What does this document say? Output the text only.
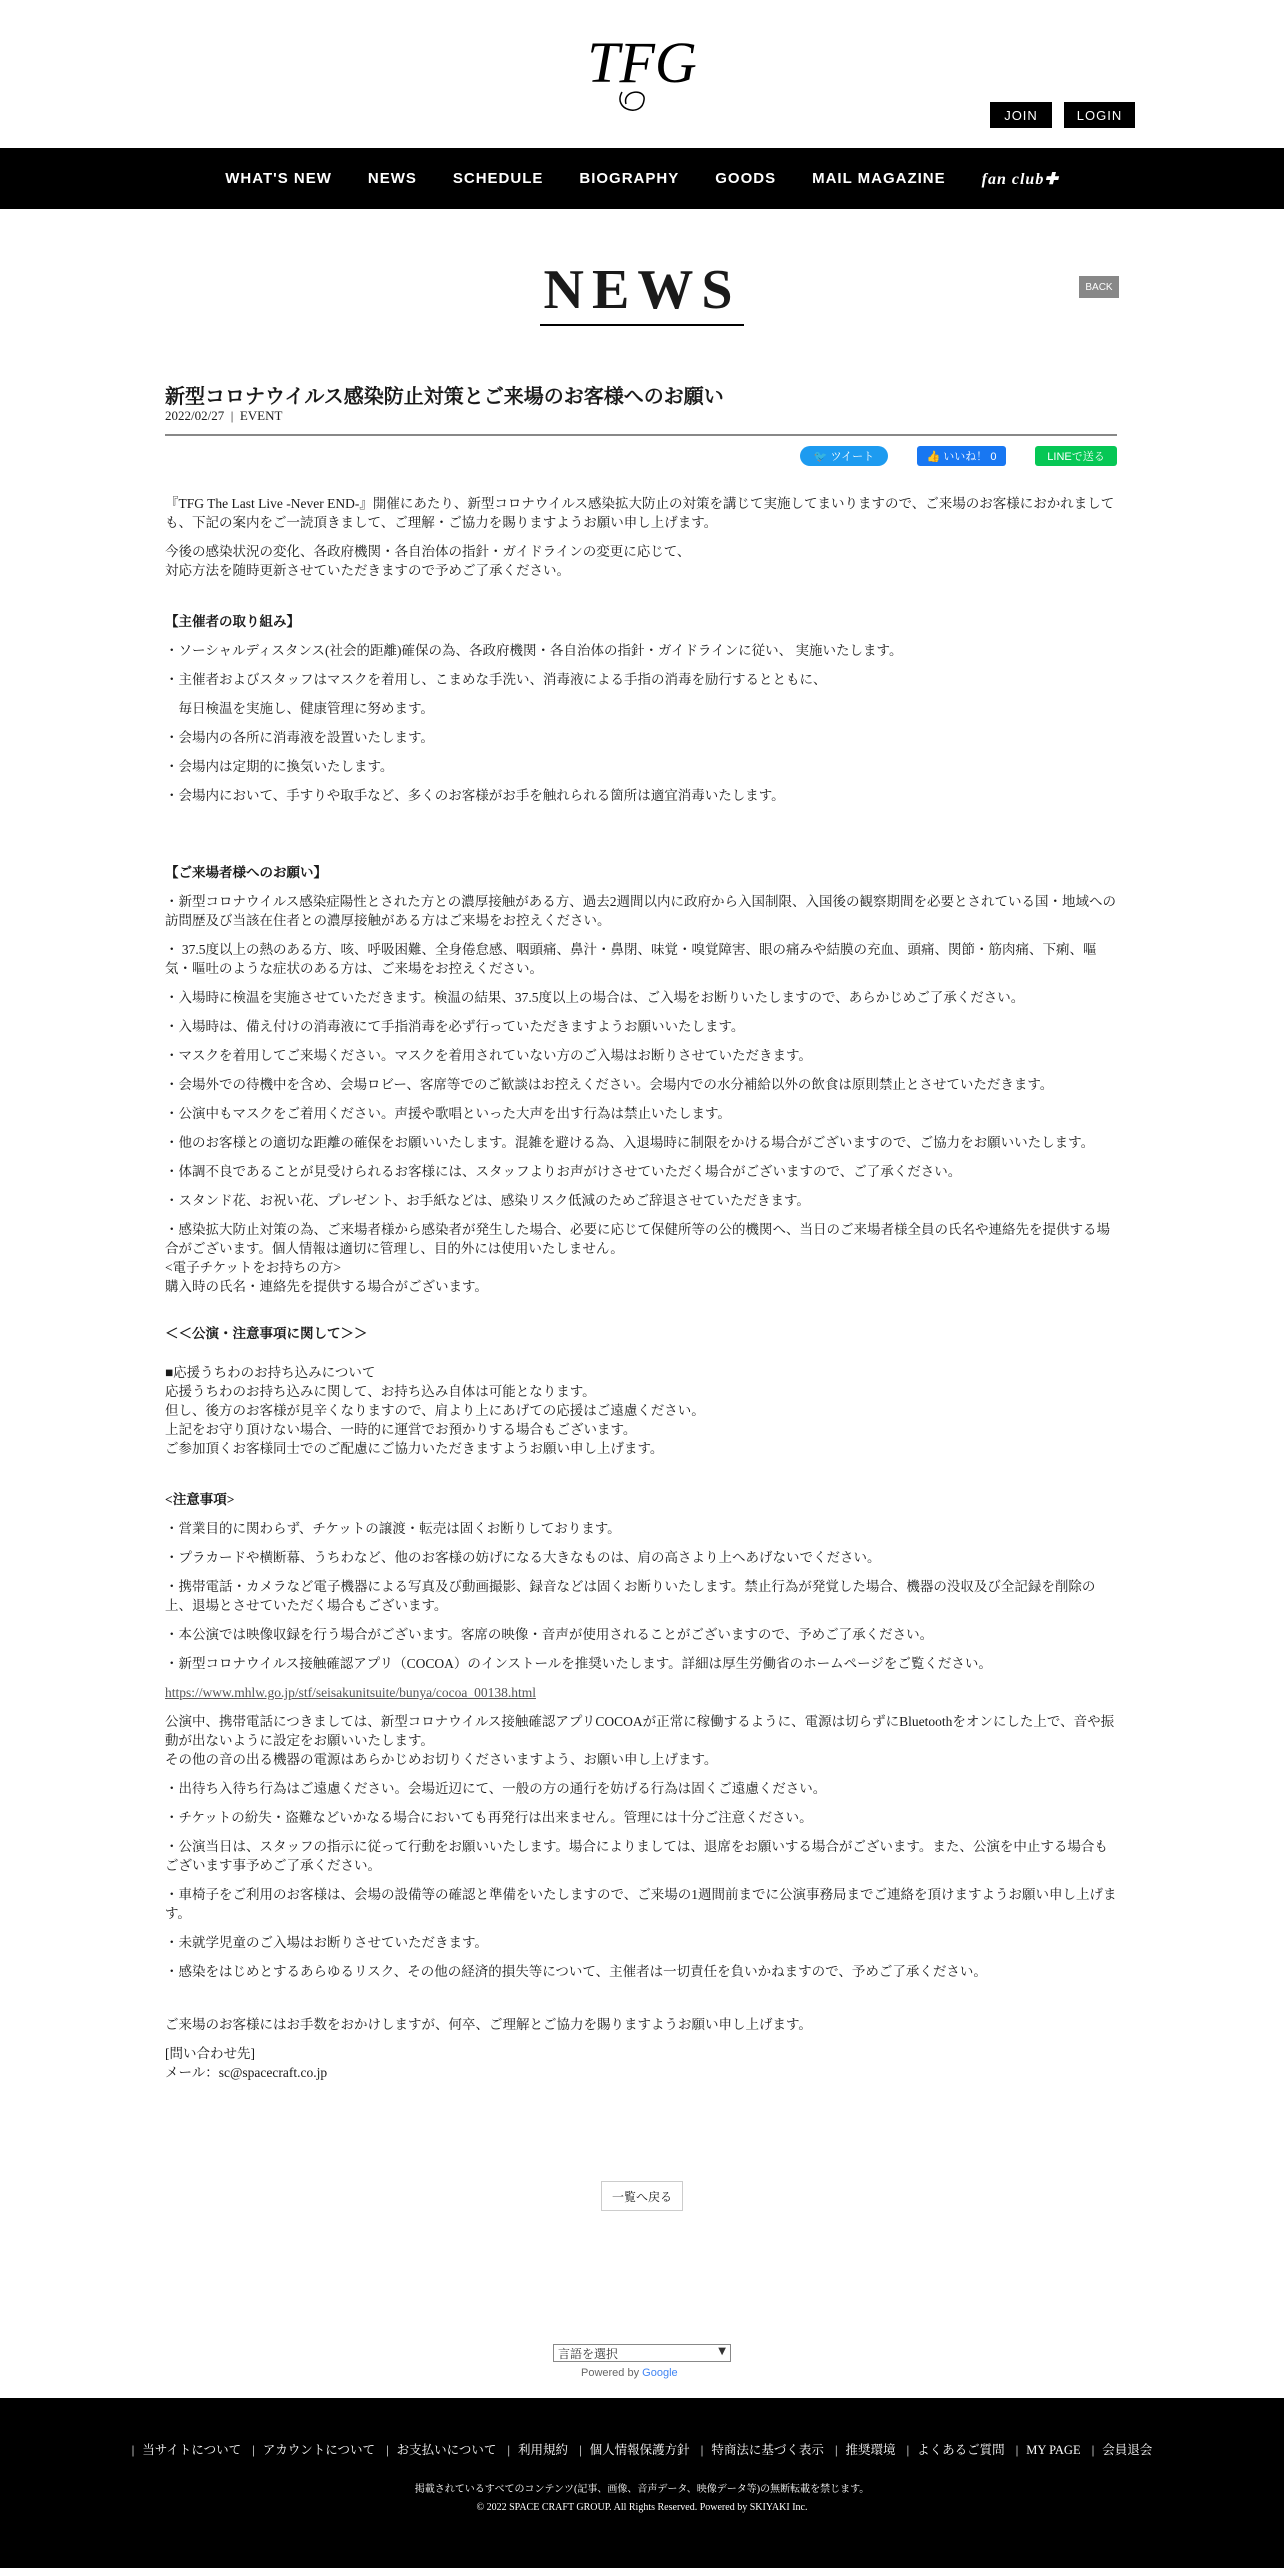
TFG
JOIN	LOGIN
WHAT'S NEW NEWS SCHEDULE BIOGRAPHY GOODS MAIL MAGAZINE fan club✚
NEWS	BACK
新型コロナウイルス感染防止対策とご来場のお客様へのお願い
2022/02/27  |  EVENT
🐦 ツイート	👍 いいね！ 0	LINEで送る

『TFG The Last Live -Never END-』開催にあたり、新型コロナウイルス感染拡大防止の対策を講じて実施してまいりますので、ご来場のお客様におかれましても、下記の案内をご一読頂きまして、ご理解・ご協力を賜りますようお願い申し上げます。

今後の感染状況の変化、各政府機関・各自治体の指針・ガイドラインの変更に応じて、

対応方法を随時更新させていただきますので予めご了承ください。

【主催者の取り組み】

・ソーシャルディスタンス(社会的距離)確保の為、各政府機関・各自治体の指針・ガイドラインに従い、 実施いたします。

・主催者およびスタッフはマスクを着用し、こまめな手洗い、消毒液による手指の消毒を励行するとともに、

　毎日検温を実施し、健康管理に努めます。

・会場内の各所に消毒液を設置いたします。

・会場内は定期的に換気いたします。

・会場内において、手すりや取手など、多くのお客様がお手を触れられる箇所は適宜消毒いたします。

【ご来場者様へのお願い】

・新型コロナウイルス感染症陽性とされた方との濃厚接触がある方、過去2週間以内に政府から入国制限、入国後の観察期間を必要とされている国・地域への訪問歴及び当該在住者との濃厚接触がある方はご来場をお控えください。

・ 37.5度以上の熱のある方、咳、呼吸困難、全身倦怠感、咽頭痛、鼻汁・鼻閉、味覚・嗅覚障害、眼の痛みや結膜の充血、頭痛、関節・筋肉痛、下痢、嘔気・嘔吐のような症状のある方は、ご来場をお控えください。

・入場時に検温を実施させていただきます。検温の結果、37.5度以上の場合は、ご入場をお断りいたしますので、あらかじめご了承ください。

・入場時は、備え付けの消毒液にて手指消毒を必ず行っていただきますようお願いいたします。

・マスクを着用してご来場ください。マスクを着用されていない方のご入場はお断りさせていただきます。

・会場外での待機中を含め、会場ロビー、客席等でのご歓談はお控えください。会場内での水分補給以外の飲食は原則禁止とさせていただきます。

・公演中もマスクをご着用ください。声援や歌唱といった大声を出す行為は禁止いたします。

・他のお客様との適切な距離の確保をお願いいたします。混雑を避ける為、入退場時に制限をかける場合がございますので、ご協力をお願いいたします。

・体調不良であることが見受けられるお客様には、スタッフよりお声がけさせていただく場合がございますので、ご了承ください。

・スタンド花、お祝い花、プレゼント、お手紙などは、感染リスク低減のためご辞退させていただきます。

・感染拡大防止対策の為、ご来場者様から感染者が発生した場合、必要に応じて保健所等の公的機関へ、当日のご来場者様全員の氏名や連絡先を提供する場合がございます。個人情報は適切に管理し、目的外には使用いたしません。

<電子チケットをお持ちの方>

購入時の氏名・連絡先を提供する場合がございます。

＜＜公演・注意事項に関して＞＞

■応援うちわのお持ち込みについて

応援うちわのお持ち込みに関して、お持ち込み自体は可能となります。

但し、後方のお客様が見辛くなりますので、肩より上にあげての応援はご遠慮ください。

上記をお守り頂けない場合、一時的に運営でお預かりする場合もございます。

ご参加頂くお客様同士でのご配慮にご協力いただきますようお願い申し上げます。

<注意事項>

・営業目的に関わらず、チケットの譲渡・転売は固くお断りしております。

・プラカードや横断幕、うちわなど、他のお客様の妨げになる大きなものは、肩の高さより上へあげないでください。

・携帯電話・カメラなど電子機器による写真及び動画撮影、録音などは固くお断りいたします。禁止行為が発覚した場合、機器の没収及び全記録を削除の上、退場とさせていただく場合もございます。

・本公演では映像収録を行う場合がございます。客席の映像・音声が使用されることがございますので、予めご了承ください。

・新型コロナウイルス接触確認アプリ（COCOA）のインストールを推奨いたします。詳細は厚生労働省のホームページをご覧ください。

https://www.mhlw.go.jp/stf/seisakunitsuite/bunya/cocoa_00138.html

公演中、携帯電話につきましては、新型コロナウイルス接触確認アプリCOCOAが正常に稼働するように、電源は切らずにBluetoothをオンにした上で、音や振動が出ないように設定をお願いいたします。

その他の音の出る機器の電源はあらかじめお切りくださいますよう、お願い申し上げます。

・出待ち入待ち行為はご遠慮ください。会場近辺にて、一般の方の通行を妨げる行為は固くご遠慮ください。

・チケットの紛失・盗難などいかなる場合においても再発行は出来ません。管理には十分ご注意ください。

・公演当日は、スタッフの指示に従って行動をお願いいたします。場合によりましては、退席をお願いする場合がございます。また、公演を中止する場合もございます事予めご了承ください。

・車椅子をご利用のお客様は、会場の設備等の確認と準備をいたしますので、ご来場の1週間前までに公演事務局までご連絡を頂けますようお願い申し上げます。

・未就学児童のご入場はお断りさせていただきます。

・感染をはじめとするあらゆるリスク、その他の経済的損失等について、主催者は一切責任を負いかねますので、予めご了承ください。

ご来場のお客様にはお手数をおかけしますが、何卒、ご理解とご協力を賜りますようお願い申し上げます。

[問い合わせ先]

メール：sc@spacecraft.co.jp

一覧へ戻る
言語を選択	▼
Powered by Google
| 当サイトについて | アカウントについて | お支払いについて | 利用規約 | 個人情報保護方針 | 特商法に基づく表示 | 推奨環境 | よくあるご質問 | MY PAGE | 会員退会
掲載されているすべてのコンテンツ(記事、画像、音声データ、映像データ等)の無断転載を禁じます。
© 2022 SPACE CRAFT GROUP. All Rights Reserved. Powered by SKIYAKI Inc.
